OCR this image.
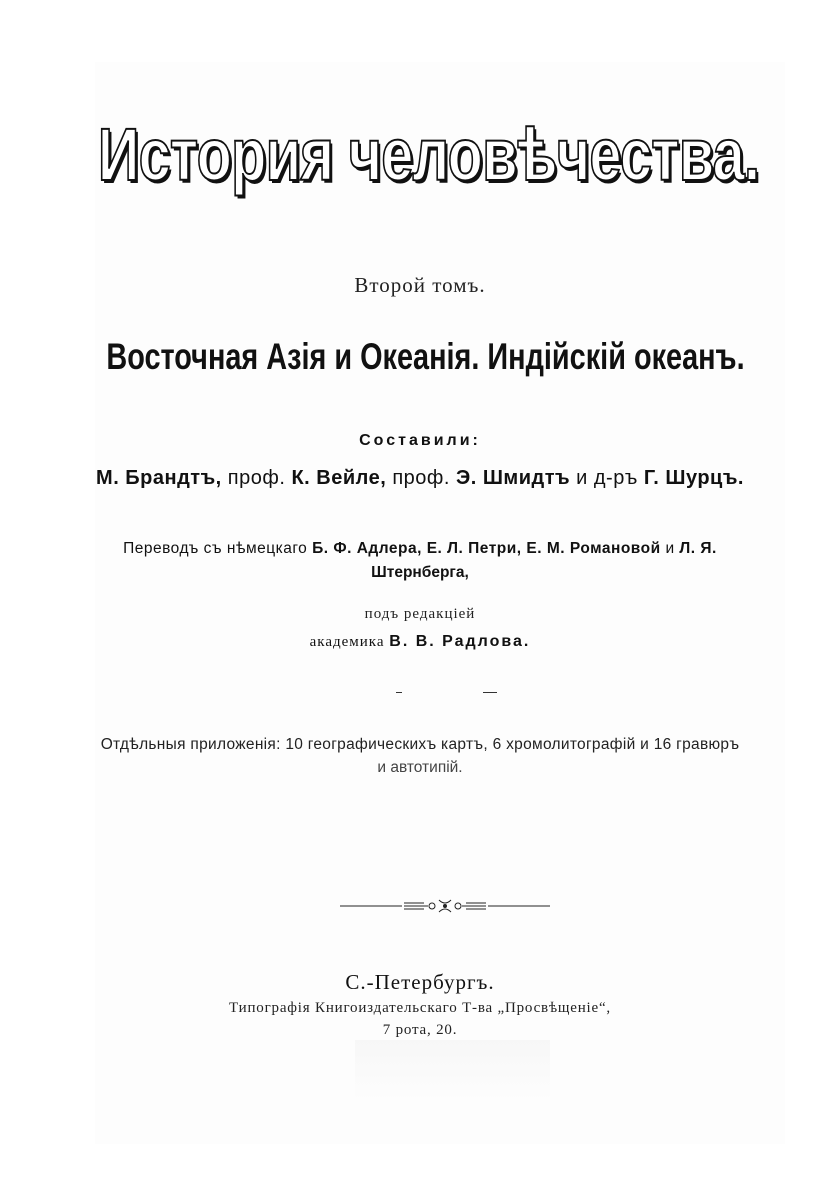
История человѣчества.
Второй томъ.
Восточная Азія и Океанія. Индійскій океанъ.
Составили:
М. Брандтъ, проф. К. Вейле, проф. Э. Шмидтъ и д-ръ Г. Шурцъ.
Переводъ съ нѣмецкаго Б. Ф. Адлера, Е. Л. Петри, Е. М. Романовой и Л. Я.
Штернберга,
подъ редакціей
академика В. В. Радлова.
Отдѣльныя приложенія: 10 географическихъ картъ, 6 хромолитографій и 16 гравюръ
и автотипій.
С.-Петербургъ.
Типографія Книгоиздательскаго Т-ва „Просвѣщеніе“,
7 рота, 20.
